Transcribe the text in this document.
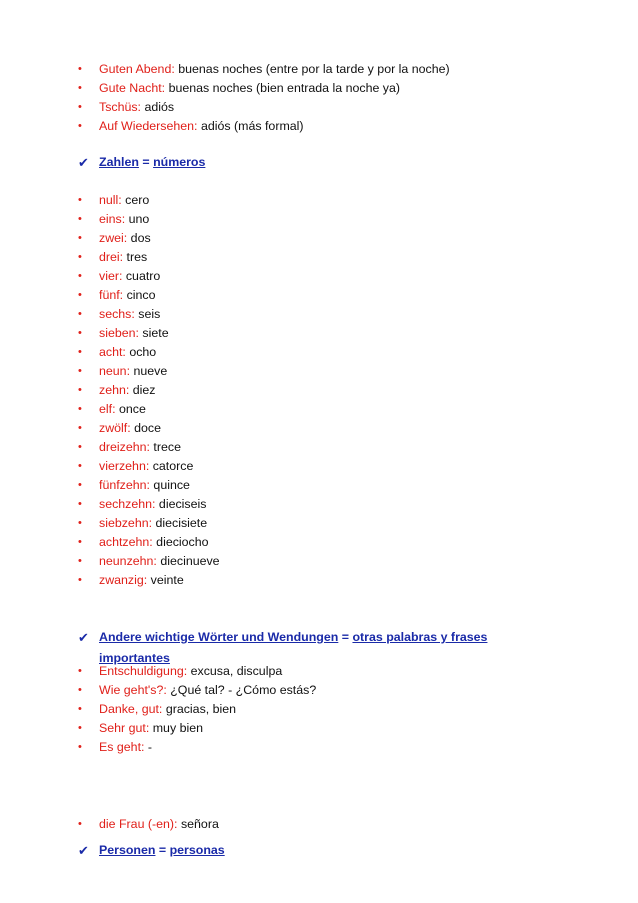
• Guten Abend: buenas noches (entre por la tarde y por la noche)
• Gute Nacht: buenas noches (bien entrada la noche ya)
• Tschüs: adiós
• Auf Wiedersehen: adiós (más formal)
✔ Zahlen = números
• null: cero
• eins: uno
• zwei: dos
• drei: tres
• vier: cuatro
• fünf: cinco
• sechs: seis
• sieben: siete
• acht: ocho
• neun: nueve
• zehn: diez
• elf: once
• zwölf: doce
• dreizehn: trece
• vierzehn: catorce
• fünfzehn: quince
• sechzehn: dieciseis
• siebzehn: diecisiete
• achtzehn: dieciocho
• neunzehn: diecinueve
• zwanzig: veinte
✔ Andere wichtige Wörter und Wendungen = otras palabras y frases importantes
• Entschuldigung: excusa, disculpa
• Wie geht's?: ¿Qué tal? - ¿Cómo estás?
• Danke, gut: gracias, bien
• Sehr gut: muy bien
• Es geht: -
✔ Personen = personas
• die Frau (-en): señora
